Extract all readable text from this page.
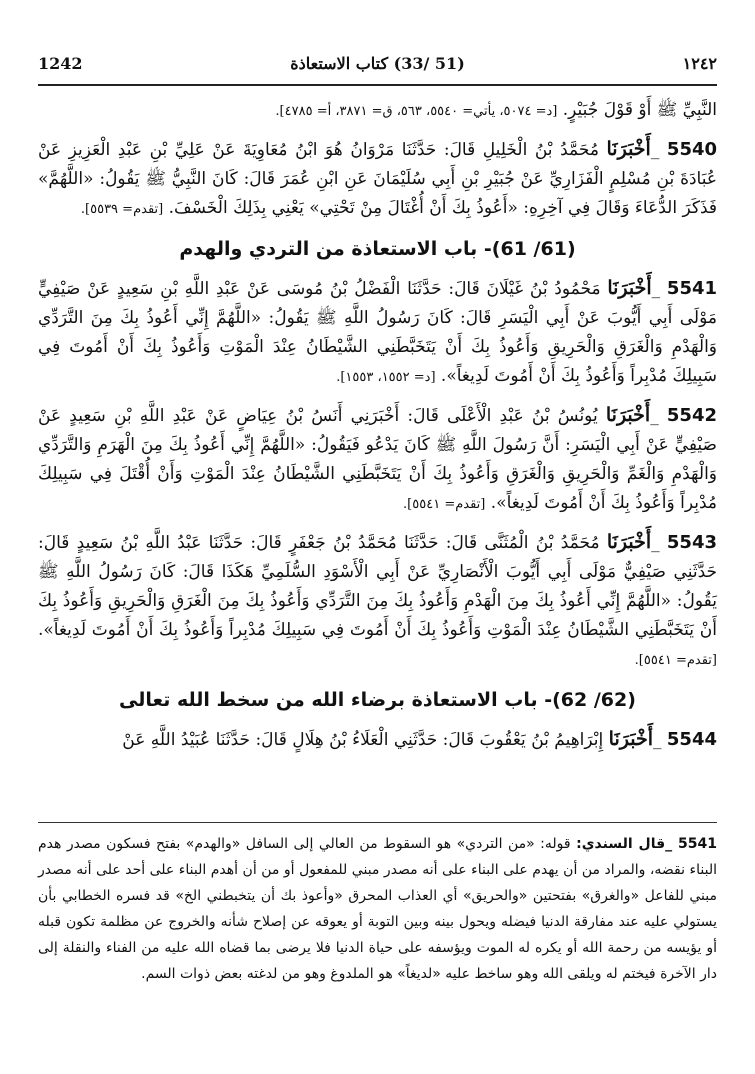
1242	(51 /33) كتاب الاستعاذة	١٢٤٢

النَّبِيِّ ﷺ أَوْ قَوْلَ جُبَيْرٍ. [د= ٥٠٧٤، يأتي= ٥٥٤٠، ٥٦٣، ق= ٣٨٧١، أ= ٤٧٨٥].

5540 _أَخْبَرَنَا مُحَمَّدُ بْنُ الْخَلِيلِ قَالَ: حَدَّثَنَا مَرْوَانُ هُوَ ابْنُ مُعَاوِيَةَ عَنْ عَلِيِّ بْنِ عَبْدِ الْعَزِيزِ عَنْ عُبَادَةَ بْنِ مُسْلِمٍ الْفَزَارِيِّ عَنْ جُبَيْرِ بْنِ أَبِي سُلَيْمَانَ عَنِ ابْنِ عُمَرَ قَالَ: كَانَ النَّبِيُّ ﷺ يَقُولُ: «اللَّهُمَّ» فَذَكَرَ الدُّعَاءَ وَقَالَ فِي آخِرِهِ: «أَعُوذُ بِكَ أَنْ أُغْتَالَ مِنْ تَحْتِي» يَعْنِي بِذَلِكَ الْخَسْفَ. [تقدم= ٥٥٣٩].

(61/ 61)- باب الاستعاذة من التردي والهدم

5541 _أَخْبَرَنَا مَحْمُودُ بْنُ غَيْلَانَ قَالَ: حَدَّثَنَا الْفَضْلُ بْنُ مُوسَى عَنْ عَبْدِ اللَّهِ بْنِ سَعِيدٍ عَنْ صَيْفِيٍّ مَوْلَى أَبِي أَيُّوبَ عَنْ أَبِي الْيَسَرِ قَالَ: كَانَ رَسُولُ اللَّهِ ﷺ يَقُولُ: «اللَّهُمَّ إِنِّي أَعُوذُ بِكَ مِنَ التَّرَدِّي وَالْهَدْمِ وَالْغَرَقِ وَالْحَرِيقِ وَأَعُوذُ بِكَ أَنْ يَتَخَبَّطَنِي الشَّيْطَانُ عِنْدَ الْمَوْتِ وَأَعُوذُ بِكَ أَنْ أَمُوتَ فِي سَبِيلِكَ مُدْبِراً وَأَعُوذُ بِكَ أَنْ أَمُوتَ لَدِيغاً». [د= ١٥٥٢، ١٥٥٣].

5542 _أَخْبَرَنَا يُونُسُ بْنُ عَبْدِ الْأَعْلَى قَالَ: أَخْبَرَنِي أَنَسُ بْنُ عِيَاضٍ عَنْ عَبْدِ اللَّهِ بْنِ سَعِيدٍ عَنْ صَيْفِيٍّ عَنْ أَبِي الْيَسَرِ: أَنَّ رَسُولَ اللَّهِ ﷺ كَانَ يَدْعُو فَيَقُولُ: «اللَّهُمَّ إِنِّي أَعُوذُ بِكَ مِنَ الْهَرَمِ وَالتَّرَدِّي وَالْهَدْمِ وَالْغَمِّ وَالْحَرِيقِ وَالْغَرَقِ وَأَعُوذُ بِكَ أَنْ يَتَخَبَّطَنِي الشَّيْطَانُ عِنْدَ الْمَوْتِ وَأَنْ أُقْتَلَ فِي سَبِيلِكَ مُدْبِراً وَأَعُوذُ بِكَ أَنْ أَمُوتَ لَدِيغاً». [تقدم= ٥٥٤١].

5543 _أَخْبَرَنَا مُحَمَّدُ بْنُ الْمُثَنَّى قَالَ: حَدَّثَنَا مُحَمَّدُ بْنُ جَعْفَرٍ قَالَ: حَدَّثَنَا عَبْدُ اللَّهِ بْنُ سَعِيدٍ قَالَ: حَدَّثَنِي صَيْفِيٌّ مَوْلَى أَبِي أَيُّوبَ الْأَنْصَارِيِّ عَنْ أَبِي الْأَسْوَدِ السُّلَمِيِّ هَكَذَا قَالَ: كَانَ رَسُولُ اللَّهِ ﷺ يَقُولُ: «اللَّهُمَّ إِنِّي أَعُوذُ بِكَ مِنَ الْهَدْمِ وَأَعُوذُ بِكَ مِنَ التَّرَدِّي وَأَعُوذُ بِكَ مِنَ الْغَرَقِ وَالْحَرِيقِ وَأَعُوذُ بِكَ أَنْ يَتَخَبَّطَنِي الشَّيْطَانُ عِنْدَ الْمَوْتِ وَأَعُوذُ بِكَ أَنْ أَمُوتَ فِي سَبِيلِكَ مُدْبِراً وَأَعُوذُ بِكَ أَنْ أَمُوتَ لَدِيغاً». [تقدم= ٥٥٤١].

(62/ 62)- باب الاستعاذة برضاء الله من سخط الله تعالى

5544 _أَخْبَرَنَا إِبْرَاهِيمُ بْنُ يَعْقُوبَ قَالَ: حَدَّثَنِي الْعَلَاءُ بْنُ هِلَالٍ قَالَ: حَدَّثَنَا عُبَيْدُ اللَّهِ عَنْ

5541 _قال السندي: قوله: «من التردي» هو السقوط من العالي إلى السافل «والهدم» بفتح فسكون مصدر هدم البناء نقضه، والمراد من أن يهدم على البناء على أنه مصدر مبني للمفعول أو من أن أهدم البناء على أحد على أنه مصدر مبني للفاعل «والغرق» بفتحتين «والحريق» أي العذاب المحرق «وأعوذ بك أن يتخبطني الخ» قد فسره الخطابي بأن يستولي عليه عند مفارقة الدنيا فيضله ويحول بينه وبين التوبة أو يعوقه عن إصلاح شأنه والخروج عن مظلمة تكون قبله أو يؤيسه من رحمة الله أو يكره له الموت ويؤسفه على حياة الدنيا فلا يرضى بما قضاه الله عليه من الفناء والنقلة إلى دار الآخرة فيختم له ويلقى الله وهو ساخط عليه «لديغاً» هو الملدوغ وهو من لدغته بعض ذوات السم.
